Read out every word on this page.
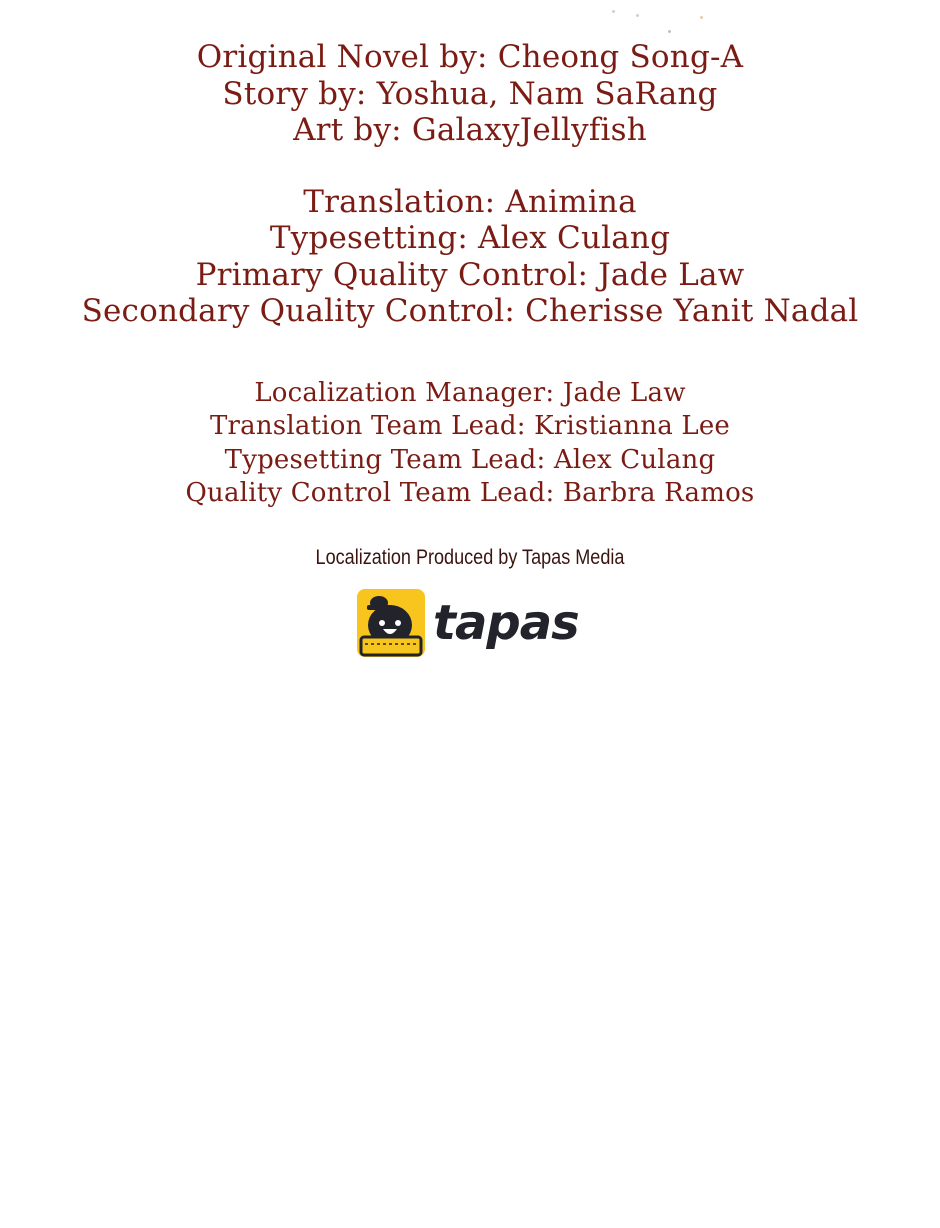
Original Novel by: Cheong Song-A
Story by: Yoshua, Nam SaRang
Art by: GalaxyJellyfish
Translation: Animina
Typesetting: Alex Culang
Primary Quality Control: Jade Law
Secondary Quality Control: Cherisse Yanit Nadal
Localization Manager: Jade Law
Translation Team Lead: Kristianna Lee
Typesetting Team Lead: Alex Culang
Quality Control Team Lead: Barbra Ramos
Localization Produced by Tapas Media
tapas
